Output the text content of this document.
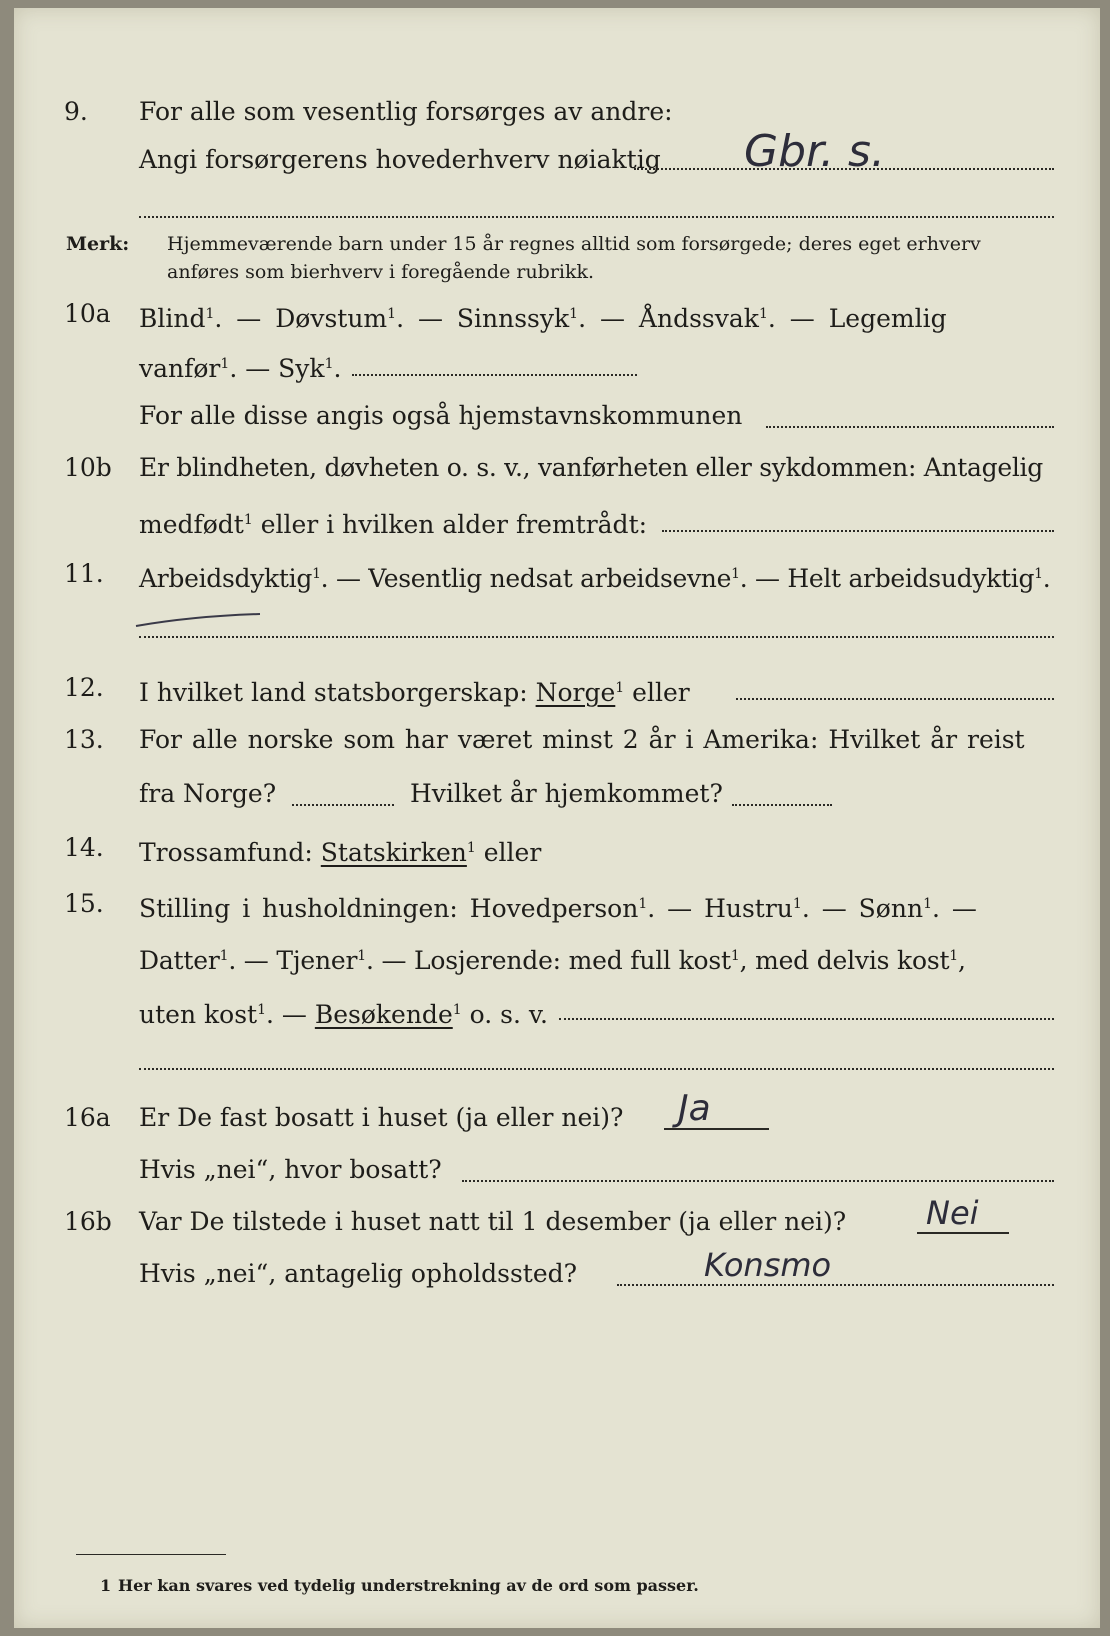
9. For alle som vesentlig forsørges av andre:
Angi forsørgerens hovederhverv nøiaktig Gbr. s.
Merk: Hjemmeværende barn under 15 år regnes alltid som forsørgede; deres eget erhverv
anføres som bierhverv i foregående rubrikk.
10a Blind$^1$. — Døvstum$^1$. — Sinnssyk$^1$. — Åndssvak$^1$. — Legemlig
vanfør$^1$. — Syk$^1$.
For alle disse angis også hjemstavnskommunen
10b Er blindheten, døvheten o. s. v., vanførheten eller sykdommen: Antagelig
medfødt$^1$ eller i hvilken alder fremtrådt:
11. Arbeidsdyktig$^1$. — Vesentlig nedsat arbeidsevne$^1$. — Helt arbeidsudyktig$^1$.
12. I hvilket land statsborgerskap: Norge$^1$ eller
13. For alle norske som har været minst 2 år i Amerika: Hvilket år reist
fra Norge?	Hvilket år hjemkommet?
14. Trossamfund: Statskirken$^1$ eller
15. Stilling i husholdningen: Hovedperson$^1$. — Hustru$^1$. — Sønn$^1$. —
Datter$^1$. — Tjener$^1$. — Losjerende: med full kost$^1$, med delvis kost$^1$,
uten kost$^1$. — Besøkende$^1$ o. s. v.
16a Er De fast bosatt i huset (ja eller nei)? Ja
Hvis „nei“, hvor bosatt?
16b Var De tilstede i huset natt til 1 desember (ja eller nei)? Nei
Hvis „nei“, antagelig opholdssted?	Konsmo
1 Her kan svares ved tydelig understrekning av de ord som passer.
